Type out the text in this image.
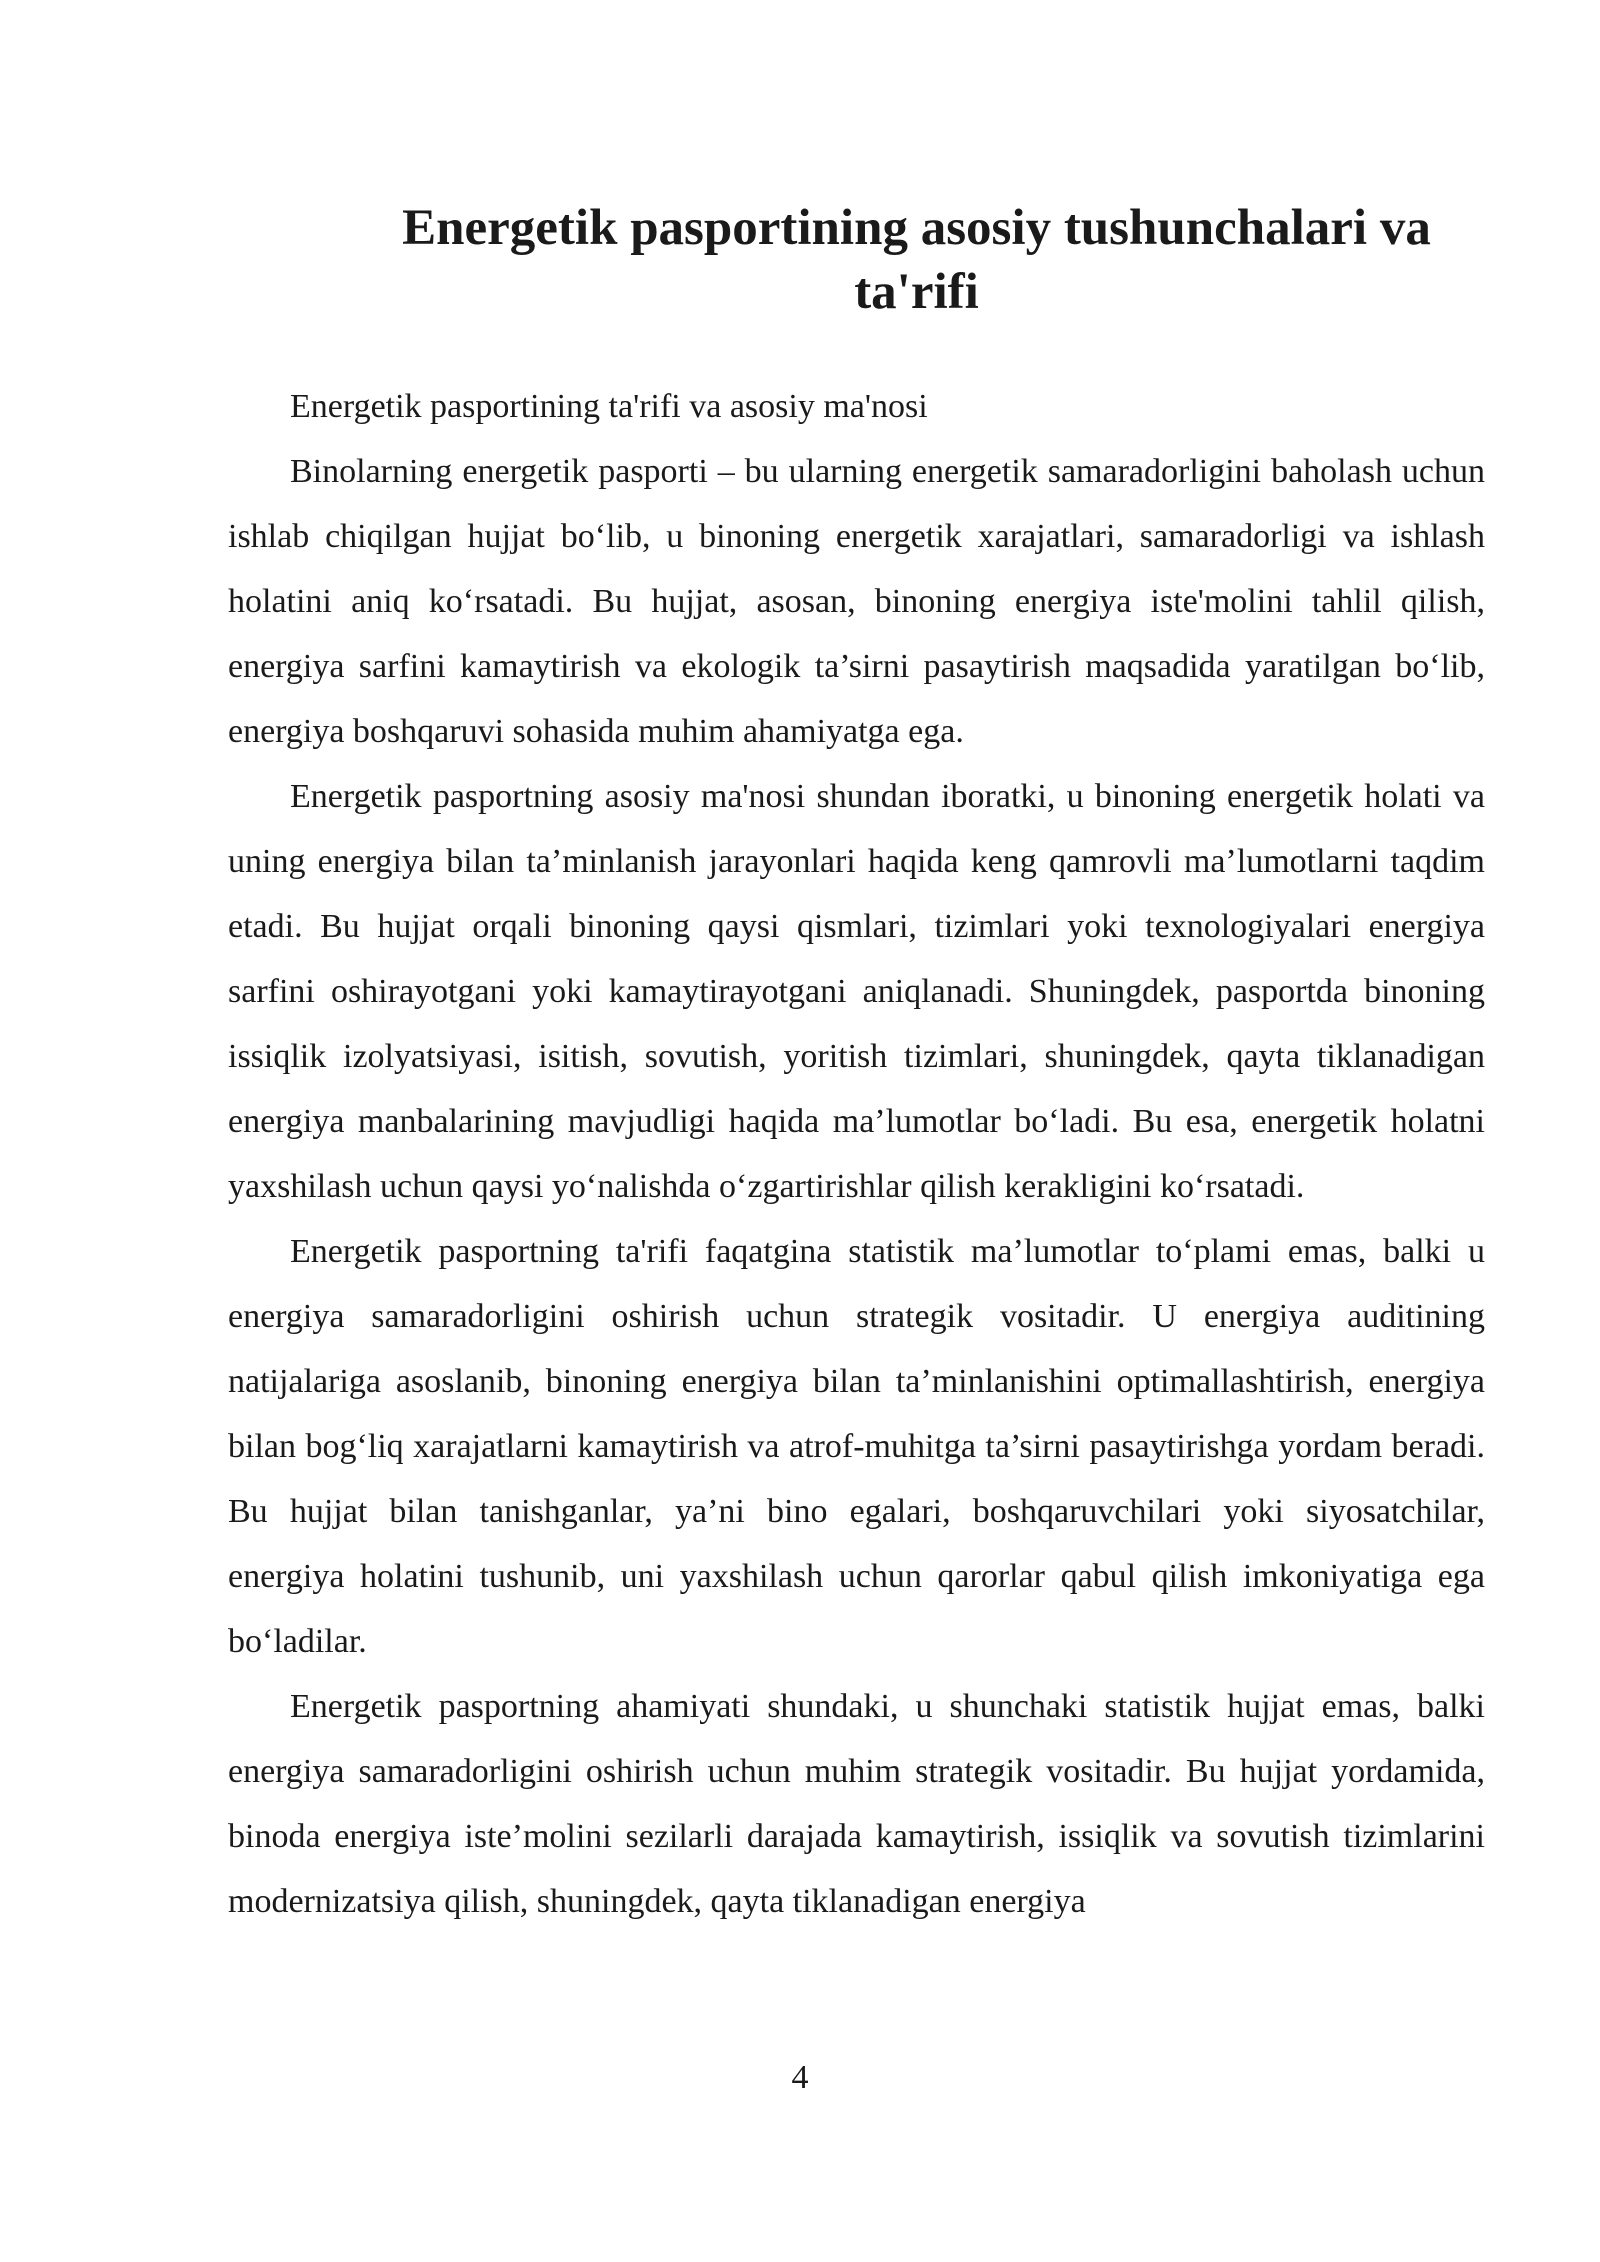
Energetik pasportining asosiy tushunchalari va ta'rifi

Energetik pasportining ta'rifi va asosiy ma'nosi

Binolarning energetik pasporti – bu ularning energetik samaradorligini baholash uchun ishlab chiqilgan hujjat bo‘lib, u binoning energetik xarajatlari, samaradorligi va ishlash holatini aniq ko‘rsatadi. Bu hujjat, asosan, binoning energiya iste'molini tahlil qilish, energiya sarfini kamaytirish va ekologik ta’sirni pasaytirish maqsadida yaratilgan bo‘lib, energiya boshqaruvi sohasida muhim ahamiyatga ega.

Energetik pasportning asosiy ma'nosi shundan iboratki, u binoning energetik holati va uning energiya bilan ta’minlanish jarayonlari haqida keng qamrovli ma’lumotlarni taqdim etadi. Bu hujjat orqali binoning qaysi qismlari, tizimlari yoki texnologiyalari energiya sarfini oshirayotgani yoki kamaytirayotgani aniqlanadi. Shuningdek, pasportda binoning issiqlik izolyatsiyasi, isitish, sovutish, yoritish tizimlari, shuningdek, qayta tiklanadigan energiya manbalarining mavjudligi haqida ma’lumotlar bo‘ladi. Bu esa, energetik holatni yaxshilash uchun qaysi yo‘nalishda o‘zgartirishlar qilish kerakligini ko‘rsatadi.

Energetik pasportning ta'rifi faqatgina statistik ma’lumotlar to‘plami emas, balki u energiya samaradorligini oshirish uchun strategik vositadir. U energiya auditining natijalariga asoslanib, binoning energiya bilan ta’minlanishini optimallashtirish, energiya bilan bog‘liq xarajatlarni kamaytirish va atrof-muhitga ta’sirni pasaytirishga yordam beradi. Bu hujjat bilan tanishganlar, ya’ni bino egalari, boshqaruvchilari yoki siyosatchilar, energiya holatini tushunib, uni yaxshilash uchun qarorlar qabul qilish imkoniyatiga ega bo‘ladilar.

Energetik pasportning ahamiyati shundaki, u shunchaki statistik hujjat emas, balki energiya samaradorligini oshirish uchun muhim strategik vositadir. Bu hujjat yordamida, binoda energiya iste’molini sezilarli darajada kamaytirish, issiqlik va sovutish tizimlarini modernizatsiya qilish, shuningdek, qayta tiklanadigan energiya

4
